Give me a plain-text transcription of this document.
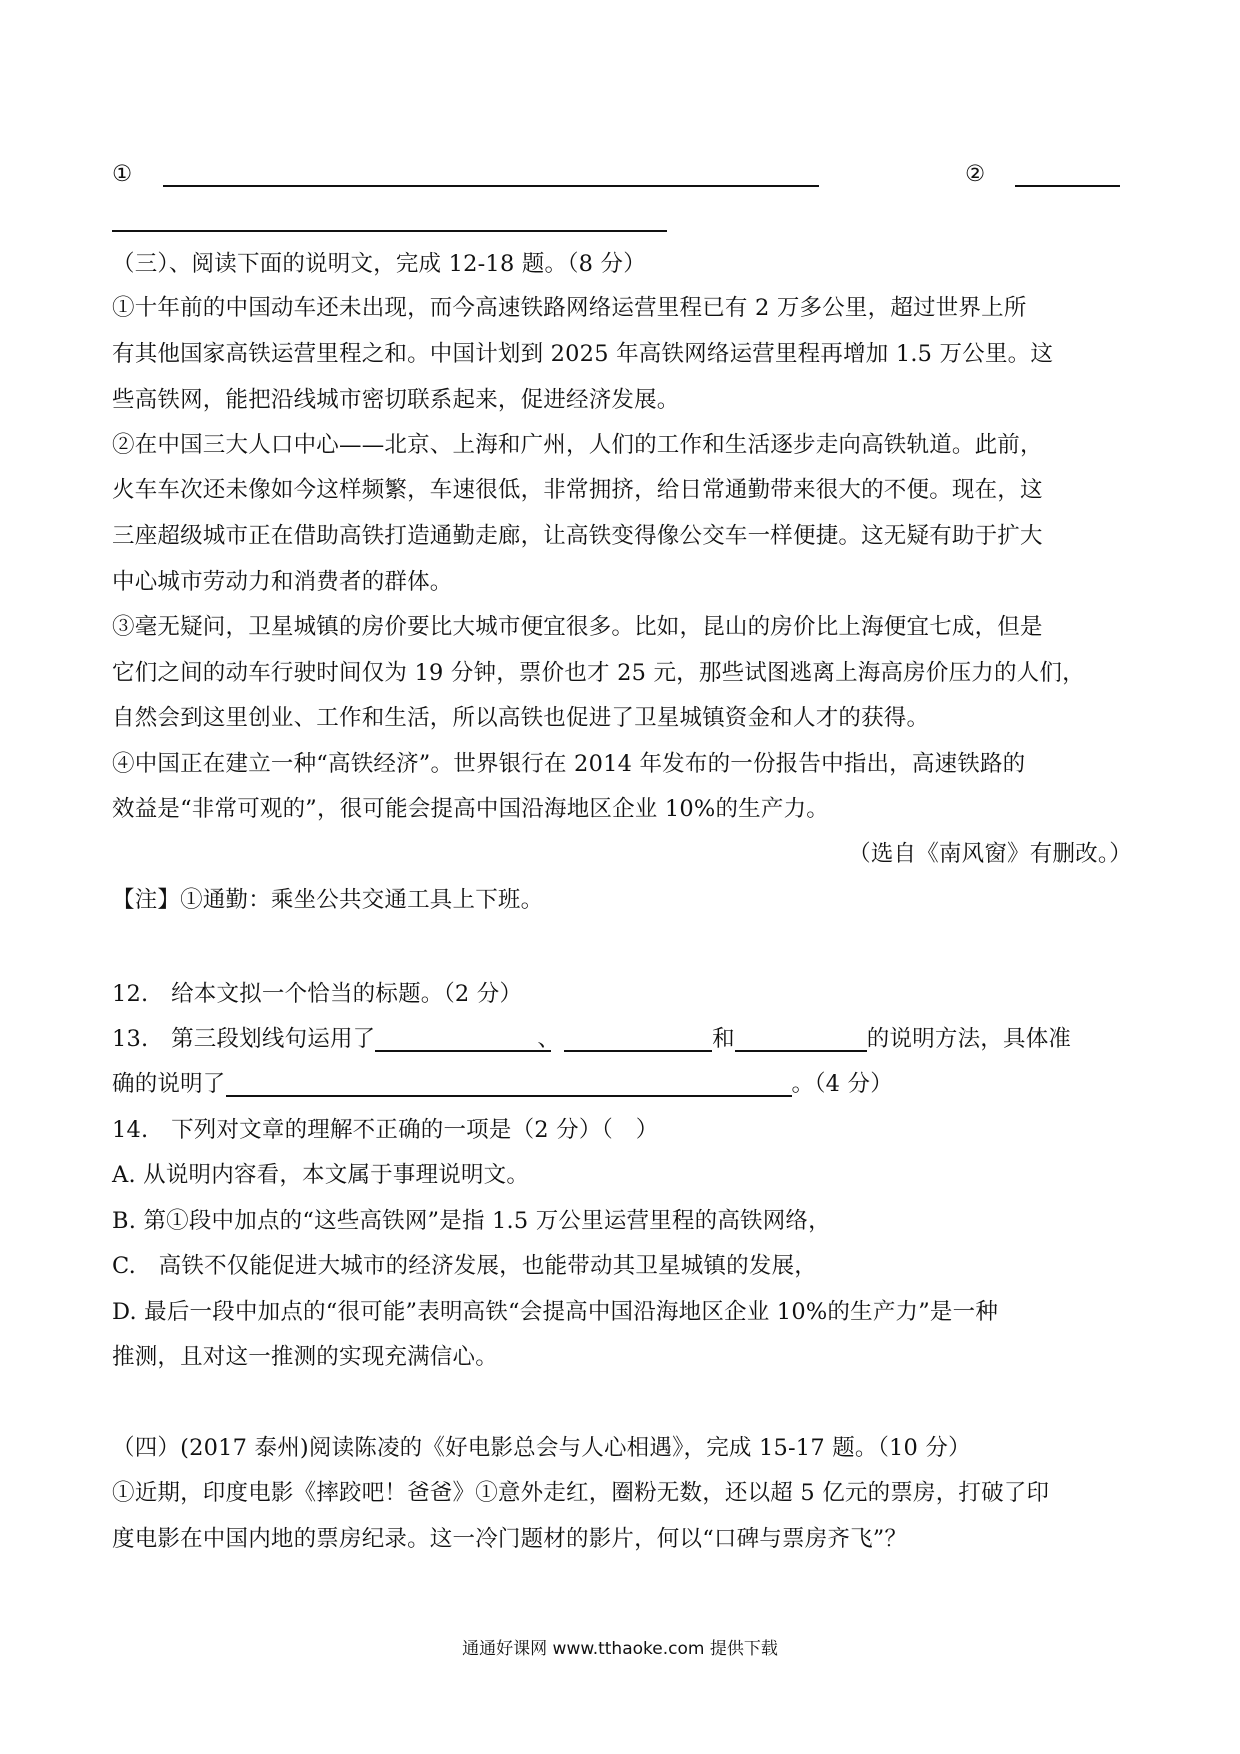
①	②
（三）、阅读下面的说明文，完成 12-18 题。（8 分）
①十年前的中国动车还未出现，而今高速铁路网络运营里程已有 2 万多公里，超过世界上所
有其他国家高铁运营里程之和。中国计划到 2025 年高铁网络运营里程再增加 1.5 万公里。这
些高铁网，能把沿线城市密切联系起来，促进经济发展。
②在中国三大人口中心——北京、上海和广州，人们的工作和生活逐步走向高铁轨道。此前，
火车车次还未像如今这样频繁，车速很低，非常拥挤，给日常通勤带来很大的不便。现在，这
三座超级城市正在借助高铁打造通勤走廊，让高铁变得像公交车一样便捷。这无疑有助于扩大
中心城市劳动力和消费者的群体。
③毫无疑问，卫星城镇的房价要比大城市便宜很多。比如，昆山的房价比上海便宜七成，但是
它们之间的动车行驶时间仅为 19 分钟，票价也才 25 元，那些试图逃离上海高房价压力的人们，
自然会到这里创业、工作和生活，所以高铁也促进了卫星城镇资金和人才的获得。
④中国正在建立一种“高铁经济”。世界银行在 2014 年发布的一份报告中指出，高速铁路的
效益是“非常可观的”，很可能会提高中国沿海地区企业 10%的生产力。
（选自《南风窗》有删改。）
【注】①通勤：乘坐公共交通工具上下班。
12.　给本文拟一个恰当的标题。（2 分）
13.　第三段划线句运用了	、	和	的说明方法，具体准
确的说明了	。（4 分）
14.　下列对文章的理解不正确的一项是（2 分）（　）
A. 从说明内容看，本文属于事理说明文。
B. 第①段中加点的“这些高铁网”是指 1.5 万公里运营里程的高铁网络，
C.　高铁不仅能促进大城市的经济发展，也能带动其卫星城镇的发展，
D. 最后一段中加点的“很可能”表明高铁“会提高中国沿海地区企业 10%的生产力”是一种
推测，且对这一推测的实现充满信心。
（四）(2017 泰州)阅读陈凌的《好电影总会与人心相遇》，完成 15-17 题。（10 分）
①近期，印度电影《摔跤吧！爸爸》①意外走红，圈粉无数，还以超 5 亿元的票房，打破了印
度电影在中国内地的票房纪录。这一冷门题材的影片，何以“口碑与票房齐飞”？
通通好课网 www.tthaoke.com 提供下载
